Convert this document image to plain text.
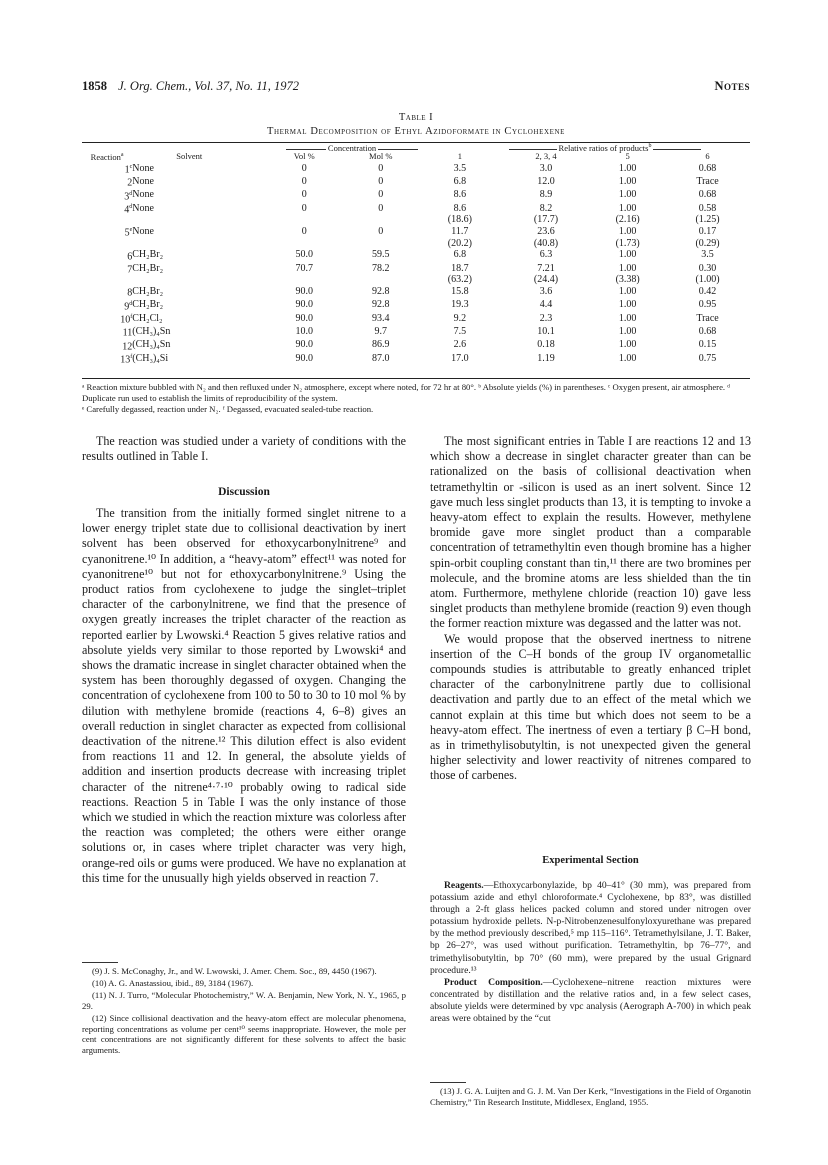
1858 J. Org. Chem., Vol. 37, No. 11, 1972	Notes
Table I
Thermal Decomposition of Ethyl Azidoformate in Cyclohexene
Concentration	Relative ratios of products$^b$
Reaction$^a$	Solvent	Vol %	Mol %	1	2, 3, 4	5	6
1$^c$	None	0	0	3.5	3.0	1.00	0.68
2	None	0	0	6.8	12.0	1.00	Trace
3$^d$	None	0	0	8.6	8.9	1.00	0.68
4$^d$	None	0	0	8.6	8.2	1.00	0.58
				(18.6)	(17.7)	(2.16)	(1.25)
5e	None	0	0	11.7	23.6	1.00	0.17
				(20.2)	(40.8)	(1.73)	(0.29)
6	CH₂Br₂	50.0	59.5	6.8	6.3	1.00	3.5
7	CH₂Br₂	70.7	78.2	18.7	7.21	1.00	0.30
				(63.2)	(24.4)	(3.38)	(1.00)
8	CH₂Br₂	90.0	92.8	15.8	3.6	1.00	0.42
9$^d$	CH₂Br₂	90.0	92.8	19.3	4.4	1.00	0.95
10$^f$	CH₂Cl₂	90.0	93.4	9.2	2.3	1.00	Trace
11	(CH₃)₄Sn	10.0	9.7	7.5	10.1	1.00	0.68
12	(CH₃)₄Sn	90.0	86.9	2.6	0.18	1.00	0.15
13$^f$	(CH₃)₄Si	90.0	87.0	17.0	1.19	1.00	0.75
ᵃ Reaction mixture bubbled with N₂ and then refluxed under N₂ atmosphere, except where noted, for 72 hr at 80°. ᵇ Absolute yields (%) in parentheses. ᶜ Oxygen present, air atmosphere. ᵈ Duplicate run used to establish the limits of reproducibility of the system.
ᵉ Carefully degassed, reaction under N₂. ᶠ Degassed, evacuated sealed-tube reaction.

The reaction was studied under a variety of conditions with the results outlined in Table I.

Discussion

The transition from the initially formed singlet nitrene to a lower energy triplet state due to collisional deactivation by inert solvent has been observed for ethoxycarbonylnitrene⁹ and cyanonitrene.¹⁰ In addition, a “heavy-atom” effect¹¹ was noted for cyanonitrene¹⁰ but not for ethoxycarbonylnitrene.⁹ Using the product ratios from cyclohexene to judge the singlet–triplet character of the carbonylnitrene, we find that the presence of oxygen greatly increases the triplet character of the reaction as reported earlier by Lwowski.⁴ Reaction 5 gives relative ratios and absolute yields very similar to those reported by Lwowski⁴ and shows the dramatic increase in singlet character obtained when the system has been thoroughly degassed of oxygen. Changing the concentration of cyclohexene from 100 to 50 to 30 to 10 mol % by dilution with methylene bromide (reactions 4, 6–8) gives an overall reduction in singlet character as expected from collisional deactivation of the nitrene.¹² This dilution effect is also evident from reactions 11 and 12. In general, the absolute yields of addition and insertion products decrease with increasing triplet character of the nitrene⁴·⁷·¹⁰ probably owing to radical side reactions. Reaction 5 in Table I was the only instance of those which we studied in which the reaction mixture was colorless after the reaction was completed; the others were either orange solutions or, in cases where triplet character was very high, orange-red oils or gums were produced. We have no explanation at this time for the unusually high yields observed in reaction 7.

(9) J. S. McConaghy, Jr., and W. Lwowski, J. Amer. Chem. Soc., 89, 4450 (1967).

(10) A. G. Anastassiou, ibid., 89, 3184 (1967).

(11) N. J. Turro, “Molecular Photochemistry,” W. A. Benjamin, New York, N. Y., 1965, p 29.

(12) Since collisional deactivation and the heavy-atom effect are molecular phenomena, reporting concentrations as volume per cent¹⁰ seems inappropriate. However, the mole per cent concentrations are not significantly different for these solvents to affect the basic arguments.

The most significant entries in Table I are reactions 12 and 13 which show a decrease in singlet character greater than can be rationalized on the basis of collisional deactivation when tetramethyltin or -silicon is used as an inert solvent. Since 12 gave much less singlet products than 13, it is tempting to invoke a heavy-atom effect to explain the results. However, methylene bromide gave more singlet product than a comparable concentration of tetramethyltin even though bromine has a higher spin-orbit coupling constant than tin,¹¹ there are two bromines per molecule, and the bromine atoms are less shielded than the tin atom. Furthermore, methylene chloride (reaction 10) gave less singlet products than methylene bromide (reaction 9) even though the former reaction mixture was degassed and the latter was not.

We would propose that the observed inertness to nitrene insertion of the C–H bonds of the group IV organometallic compounds studies is attributable to greatly enhanced triplet character of the carbonylnitrene partly due to collisional deactivation and partly due to an effect of the metal which we cannot explain at this time but which does not seem to be a heavy-atom effect. The inertness of even a tertiary β C–H bond, as in trimethylisobutyltin, is not unexpected given the general higher selectivity and lower reactivity of nitrenes compared to those of carbenes.

Experimental Section

Reagents.—Ethoxycarbonylazide, bp 40–41° (30 mm), was prepared from potassium azide and ethyl chloroformate.⁴ Cyclohexene, bp 83°, was distilled through a 2-ft glass helices packed column and stored under nitrogen over potassium hydroxide pellets. N-p-Nitrobenzenesulfonyloxyurethane was prepared by the method previously described,⁵ mp 115–116°. Tetramethylsilane, J. T. Baker, bp 26–27°, was used without purification. Tetramethyltin, bp 76–77°, and trimethylisobutyltin, bp 70° (60 mm), were prepared by the usual Grignard procedure.¹³

Product Composition.—Cyclohexene–nitrene reaction mixtures were concentrated by distillation and the relative ratios and, in a few select cases, absolute yields were determined by vpc analysis (Aerograph A-700) in which peak areas were obtained by the “cut

(13) J. G. A. Luijten and G. J. M. Van Der Kerk, “Investigations in the Field of Organotin Chemistry,” Tin Research Institute, Middlesex, England, 1955.
